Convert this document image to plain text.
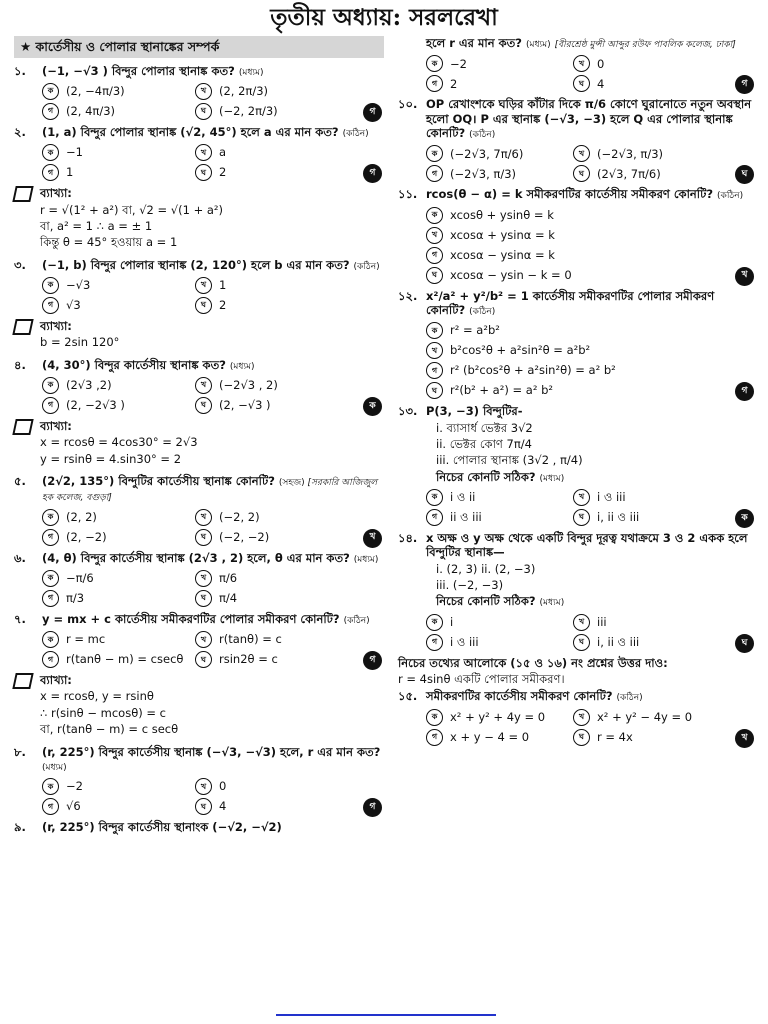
তৃতীয় অধ্যায়: সরলরেখা
★ কার্তেসীয় ও পোলার স্থানাঙ্কের সম্পর্ক
১.	(−1, −√3 ) বিন্দুর পোলার স্থানাঙ্ক কত? (মধ্যম)
ক	(2, −4π/3)	খ	(2, 2π/3)
গ	(2, 4π/3)	ঘ	(−2, 2π/3)	গ
২.	(1, a) বিন্দুর পোলার স্থানাঙ্ক (√2, 45°) হলে a এর মান কত? (কঠিন)
ক	−1	খ	a
গ	1	ঘ	2	গ
ব্যাখ্যা:
r = √(1² + a²) বা, √2 = √(1 + a²)
বা, a² = 1 ∴ a = ± 1
কিন্তু θ = 45° হওয়ায় a = 1
৩.	(−1, b) বিন্দুর পোলার স্থানাঙ্ক (2, 120°) হলে b এর মান কত? (কঠিন)
ক	−√3	খ	1
গ	√3	ঘ	2
ব্যাখ্যা:
b = 2sin 120°
৪.	(4, 30°) বিন্দুর কার্তেসীয় স্থানাঙ্ক কত? (মধ্যম)
ক	(2√3 ,2)	খ	(−2√3 , 2)
গ	(2, −2√3 )	ঘ	(2, −√3 )	ক
ব্যাখ্যা:
x = rcosθ = 4cos30° = 2√3
y = rsinθ = 4.sin30° = 2
৫.	(2√2, 135°) বিন্দুটির কার্তেসীয় স্থানাঙ্ক কোনটি? (সহজ) [সরকারি আজিজুল হক কলেজ, বগুড়া]
ক	(2, 2)	খ	(−2, 2)
গ	(2, −2)	ঘ	(−2, −2)	খ
৬.	(4, θ) বিন্দুর কার্তেসীয় স্থানাঙ্ক (2√3 , 2) হলে, θ এর মান কত? (মধ্যম)
ক	−π/6	খ	π/6
গ	π/3	ঘ	π/4
৭.	y = mx + c কার্তেসীয় সমীকরণটির পোলার সমীকরণ কোনটি? (কঠিন)
ক	r = mc	খ	r(tanθ) = c
গ	r(tanθ − m) = csecθ	ঘ	rsin2θ = c	গ
ব্যাখ্যা:
x = rcosθ, y = rsinθ
∴ r(sinθ − mcosθ) = c
বা, r(tanθ − m) = c secθ
৮.	(r, 225°) বিন্দুর কার্তেসীয় স্থানাঙ্ক (−√3, −√3) হলে, r এর মান কত? (মধ্যম)
ক	−2	খ	0
গ	√6	ঘ	4	গ
৯.	(r, 225°) বিন্দুর কার্তেসীয় স্থানাংক (−√2, −√2)
হলে r এর মান কত? (মধ্যম) [বীরশ্রেষ্ঠ মুন্সী আব্দুর রউফ পাবলিক কলেজ, ঢাকা]
ক	−2	খ	0
গ	2	ঘ	4	গ
১০. OP রেখাংশকে ঘড়ির কাঁটার দিকে π/6 কোণে ঘুরানোতে নতুন অবস্থান হলো OQ। P এর স্থানাঙ্ক (−√3, −3) হলে Q এর পোলার স্থানাঙ্ক কোনটি? (কঠিন)
ক	(−2√3, 7π/6)	খ	(−2√3, π/3)
গ	(−2√3, π/3)	ঘ	(2√3, 7π/6)	ঘ
১১. rcos(θ − α) = k সমীকরণটির কার্তেসীয় সমীকরণ কোনটি? (কঠিন)
ক	xcosθ + ysinθ = k
খ	xcosα + ysinα = k
গ	xcosα − ysinα = k
ঘ	xcosα − ysin − k = 0	খ
১২. x²/a² + y²/b² = 1 কার্তেসীয় সমীকরণটির পোলার সমীকরণ কোনটি? (কঠিন)
ক	r² = a²b²
খ	b²cos²θ + a²sin²θ = a²b²
গ	r² (b²cos²θ + a²sin²θ) = a² b²
ঘ	r²(b² + a²) = a² b²	গ
১৩. P(3, −3) বিন্দুটির-
i. ব্যাসার্ধ ভেক্টর 3√2
ii. ভেক্টর কোণ 7π/4
iii. পোলার স্থানাঙ্ক (3√2 , π/4)
নিচের কোনটি সঠিক? (মধ্যম)
ক	i ও ii	খ	i ও iii
গ	ii ও iii	ঘ	i, ii ও iii	ক
১৪. x অক্ষ ও y অক্ষ থেকে একটি বিন্দুর দূরত্ব যথাক্রমে 3 ও 2 একক হলে বিন্দুটির স্থানাঙ্ক—
i. (2, 3) ii. (2, −3)
iii. (−2, −3)
নিচের কোনটি সঠিক? (মধ্যম)
ক	i	খ	iii
গ	i ও iii	ঘ	i, ii ও iii	ঘ
নিচের তথ্যের আলোকে (১৫ ও ১৬) নং প্রশ্নের উত্তর দাও:
r = 4sinθ একটি পোলার সমীকরণ।
১৫. সমীকরণটির কার্তেসীয় সমীকরণ কোনটি? (কঠিন)
ক	x² + y² + 4y = 0	খ	x² + y² − 4y = 0
গ	x + y − 4 = 0	ঘ	r = 4x	খ
